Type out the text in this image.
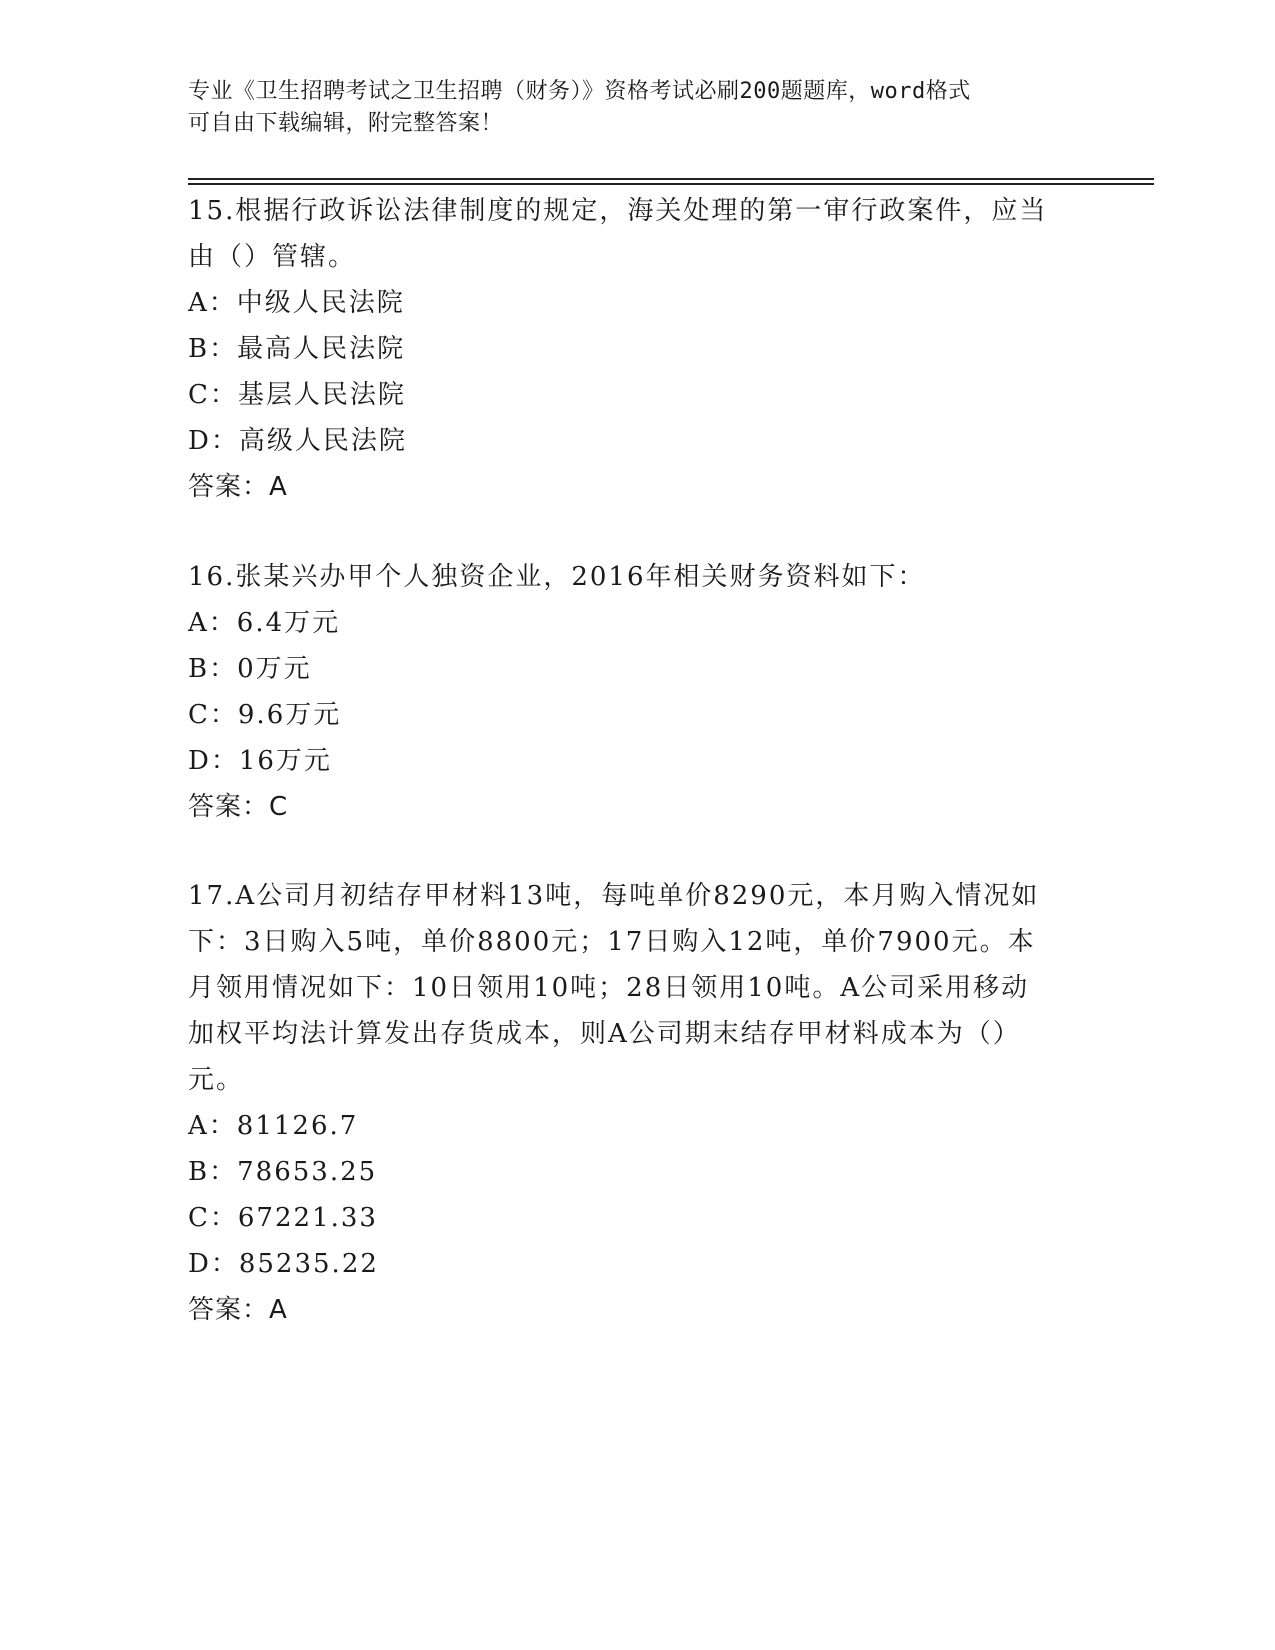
专业《卫生招聘考试之卫生招聘（财务）》资格考试必刷200题题库，word格式
可自由下载编辑，附完整答案！
15.根据行政诉讼法律制度的规定，海关处理的第一审行政案件，应当
由（）管辖。
A：中级人民法院
B：最高人民法院
C：基层人民法院
D：高级人民法院
答案：A
16.张某兴办甲个人独资企业，2016年相关财务资料如下：
A：6.4万元
B：0万元
C：9.6万元
D：16万元
答案：C
17.A公司月初结存甲材料13吨，每吨单价8290元，本月购入情况如
下：3日购入5吨，单价8800元；17日购入12吨，单价7900元。本
月领用情况如下：10日领用10吨；28日领用10吨。A公司采用移动
加权平均法计算发出存货成本，则A公司期末结存甲材料成本为（）
元。
A：81126.7
B：78653.25
C：67221.33
D：85235.22
答案：A
